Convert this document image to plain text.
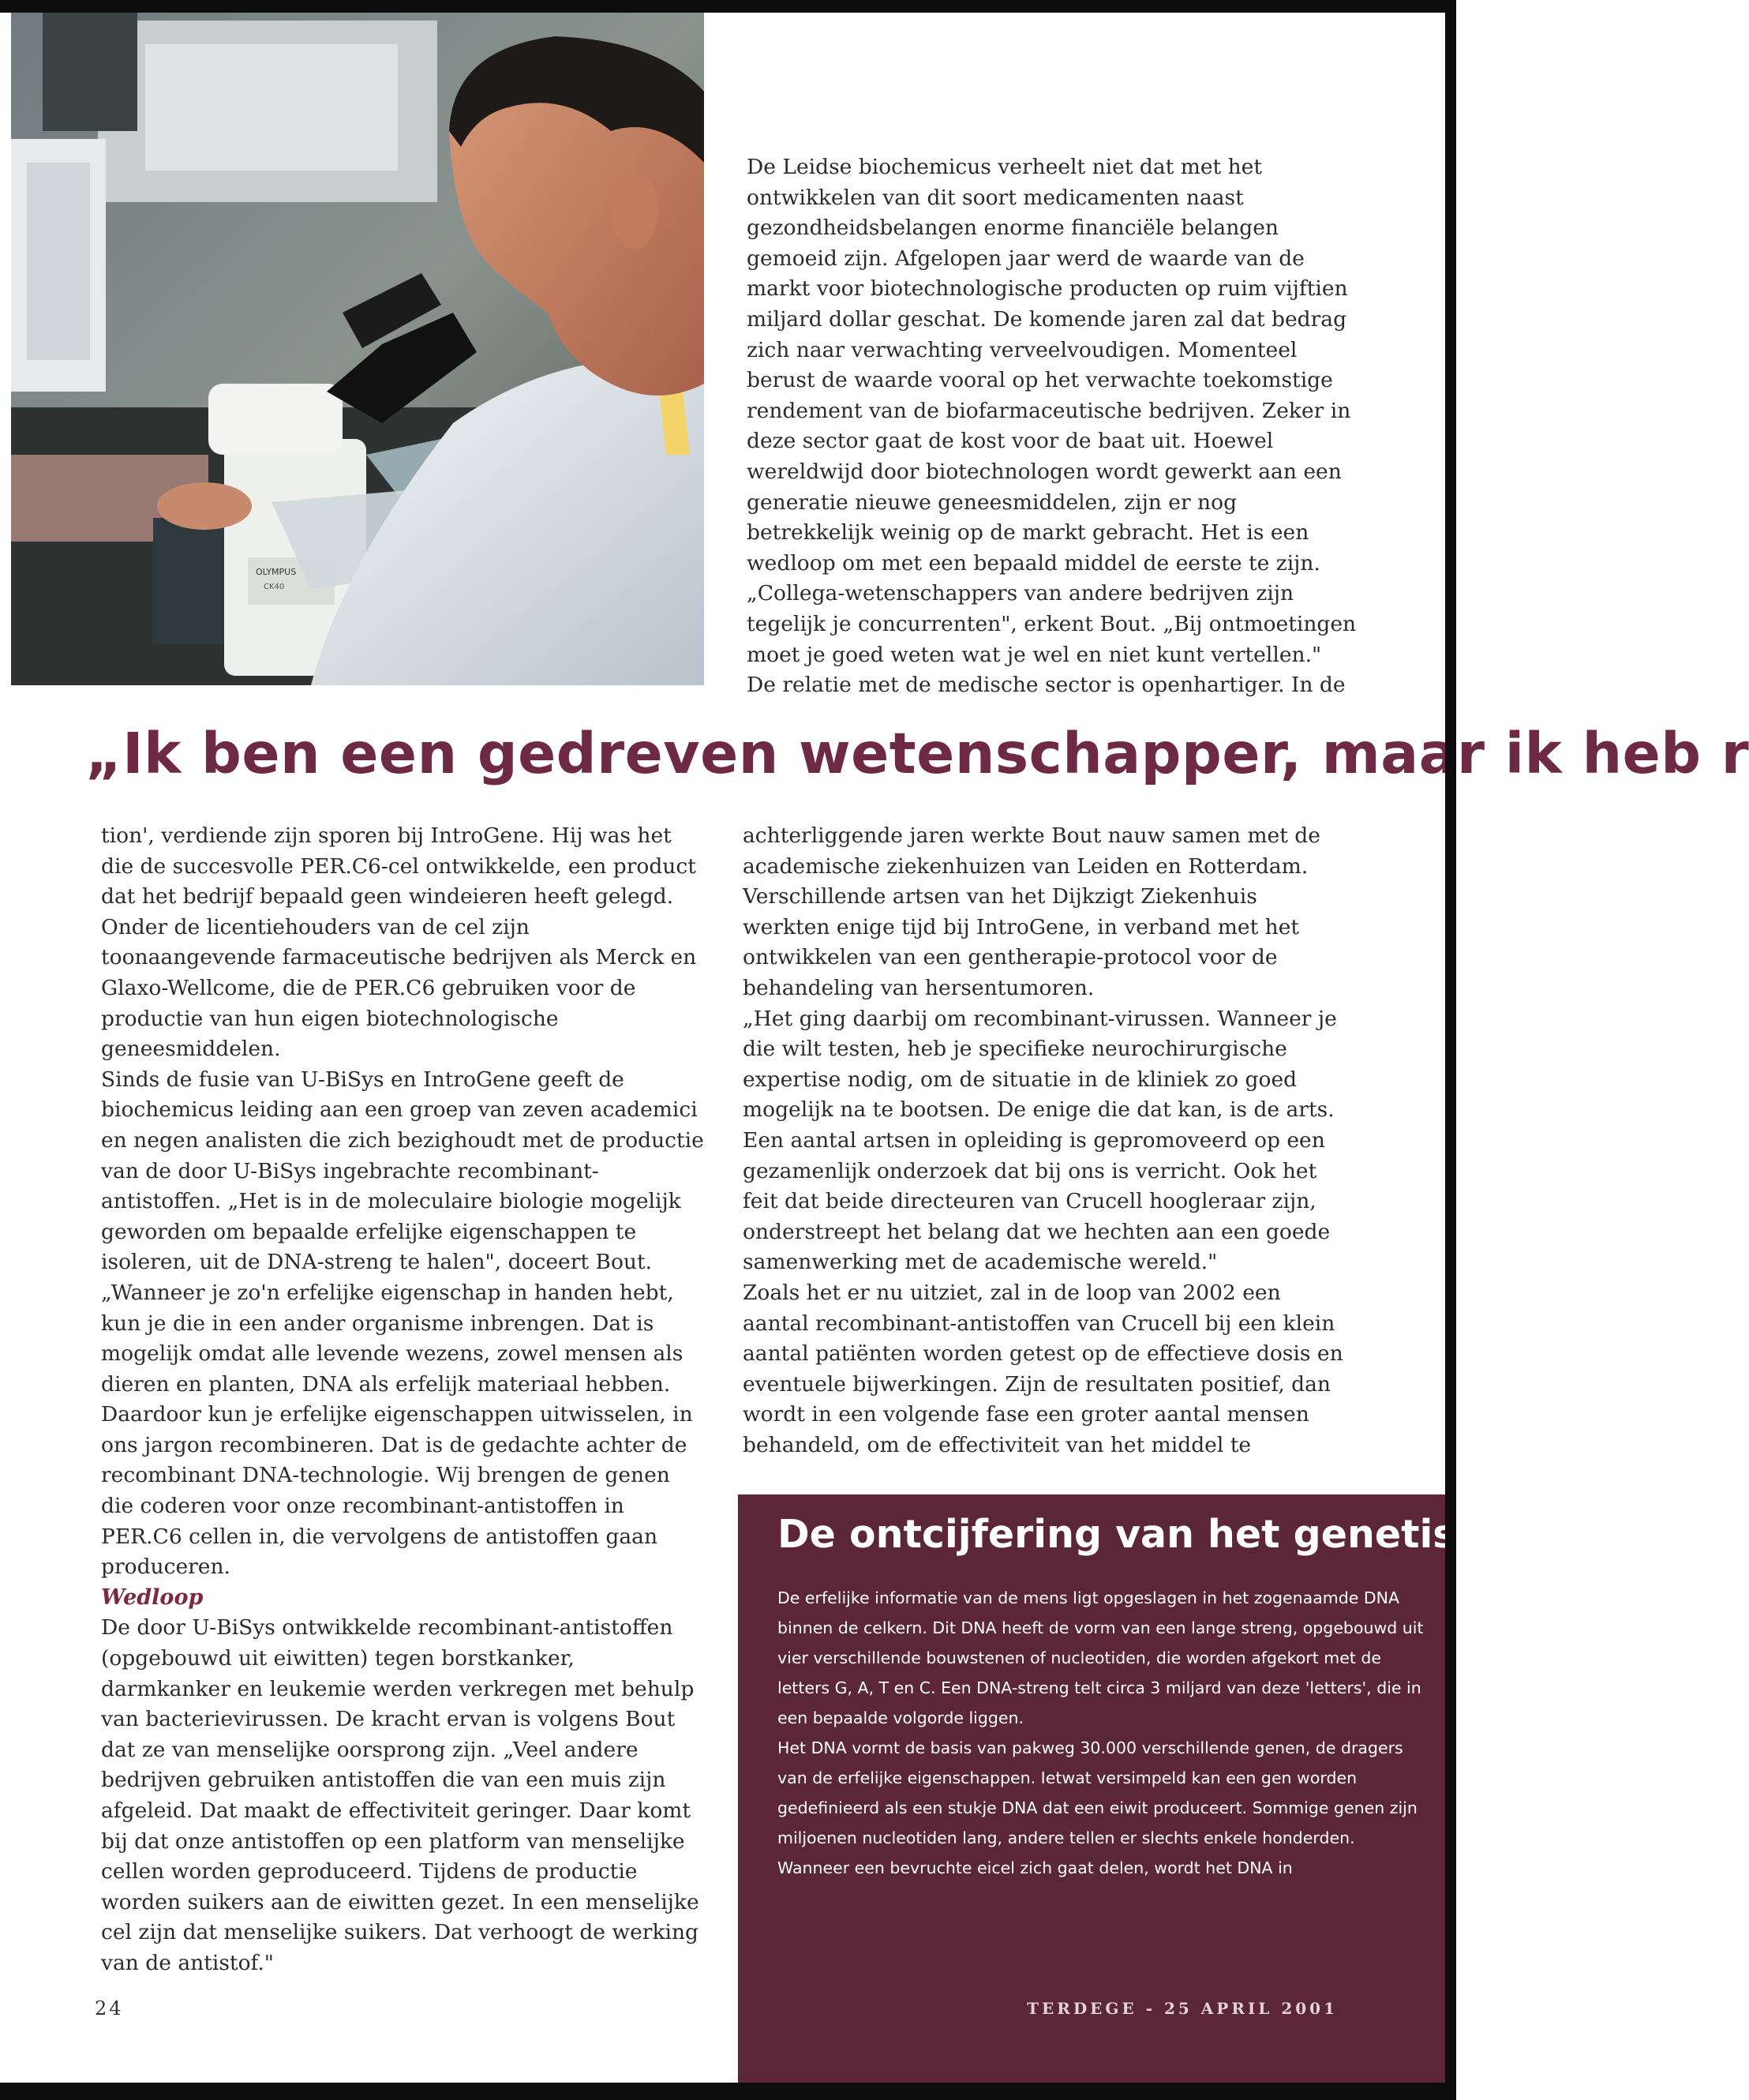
OLYMPUS
CK40

De Leidse biochemicus verheelt niet dat met het ontwikkelen van dit soort medicamenten naast gezondheidsbelangen enorme financiële belangen gemoeid zijn. Afgelopen jaar werd de waarde van de markt voor biotechnologische producten op ruim vijftien miljard dollar geschat. De komende jaren zal dat bedrag zich naar verwachting verveelvoudigen. Momenteel berust de waarde vooral op het verwachte toekomstige rendement van de biofarmaceutische bedrijven. Zeker in deze sector gaat de kost voor de baat uit. Hoewel wereldwijd door biotechnologen wordt gewerkt aan een generatie nieuwe geneesmiddelen, zijn er nog betrekkelijk weinig op de markt gebracht. Het is een wedloop om met een bepaald middel de eerste te zijn. „Collega-wetenschappers van andere bedrijven zijn tegelijk je concurrenten", erkent Bout. „Bij ontmoetingen moet je goed weten wat je wel en niet kunt vertellen."

De relatie met de medische sector is openhartiger. In de

„Ik ben een gedreven wetenschapper, maar ik heb r

tion', verdiende zijn sporen bij IntroGene. Hij was het die de succesvolle PER.C6-cel ontwikkelde, een product dat het bedrijf bepaald geen windeieren heeft gelegd. Onder de licentiehouders van de cel zijn toonaangevende farmaceutische bedrijven als Merck en Glaxo-Wellcome, die de PER.C6 gebruiken voor de productie van hun eigen biotechnologische geneesmiddelen.

Sinds de fusie van U-BiSys en IntroGene geeft de biochemicus leiding aan een groep van zeven academici en negen analisten die zich bezighoudt met de productie van de door U-BiSys ingebrachte recombinant-antistoffen. „Het is in de moleculaire biologie mogelijk geworden om bepaalde erfelijke eigenschappen te isoleren, uit de DNA-streng te halen", doceert Bout. „Wanneer je zo'n erfelijke eigenschap in handen hebt, kun je die in een ander organisme inbrengen. Dat is mogelijk omdat alle levende wezens, zowel mensen als dieren en planten, DNA als erfelijk materiaal hebben. Daardoor kun je erfelijke eigenschappen uitwisselen, in ons jargon recombineren. Dat is de gedachte achter de recombinant DNA-technologie. Wij brengen de genen die coderen voor onze recombinant-antistoffen in PER.C6 cellen in, die vervolgens de antistoffen gaan produceren.

Wedloop

De door U-BiSys ontwikkelde recombinant-antistoffen (opgebouwd uit eiwitten) tegen borstkanker, darmkanker en leukemie werden verkregen met behulp van bacterievirussen. De kracht ervan is volgens Bout dat ze van menselijke oorsprong zijn. „Veel andere bedrijven gebruiken antistoffen die van een muis zijn afgeleid. Dat maakt de effectiviteit geringer. Daar komt bij dat onze antistoffen op een platform van menselijke cellen worden geproduceerd. Tijdens de productie worden suikers aan de eiwitten gezet. In een menselijke cel zijn dat menselijke suikers. Dat verhoogt de werking van de antistof."

achterliggende jaren werkte Bout nauw samen met de academische ziekenhuizen van Leiden en Rotterdam. Verschillende artsen van het Dijkzigt Ziekenhuis werkten enige tijd bij IntroGene, in verband met het ontwikkelen van een gentherapie-protocol voor de behandeling van hersentumoren.

„Het ging daarbij om recombinant-virussen. Wanneer je die wilt testen, heb je specifieke neurochirurgische expertise nodig, om de situatie in de kliniek zo goed mogelijk na te bootsen. De enige die dat kan, is de arts. Een aantal artsen in opleiding is gepromoveerd op een gezamenlijk onderzoek dat bij ons is verricht. Ook het feit dat beide directeuren van Crucell hoogleraar zijn, onderstreept het belang dat we hechten aan een goede samenwerking met de academische wereld."

Zoals het er nu uitziet, zal in de loop van 2002 een aantal recombinant-antistoffen van Crucell bij een klein aantal patiënten worden getest op de effectieve dosis en eventuele bijwerkingen. Zijn de resultaten positief, dan wordt in een volgende fase een groter aantal mensen behandeld, om de effectiviteit van het middel te

De ontcijfering van het genetisch a

De erfelijke informatie van de mens ligt opgeslagen in het zogenaamde DNA binnen de celkern. Dit DNA heeft de vorm van een lange streng, opgebouwd uit vier verschillende bouwstenen of nucleotiden, die worden afgekort met de letters G, A, T en C. Een DNA-streng telt circa 3 miljard van deze 'letters', die in een bepaalde volgorde liggen.

Het DNA vormt de basis van pakweg 30.000 verschillende genen, de dragers van de erfelijke eigenschappen. Ietwat versimpeld kan een gen worden gedefinieerd als een stukje DNA dat een eiwit produceert. Sommige genen zijn miljoenen nucleotiden lang, andere tellen er slechts enkele honderden.

Wanneer een bevruchte eicel zich gaat delen, wordt het DNA in

24	TERDEGE - 25 APRIL 2001
